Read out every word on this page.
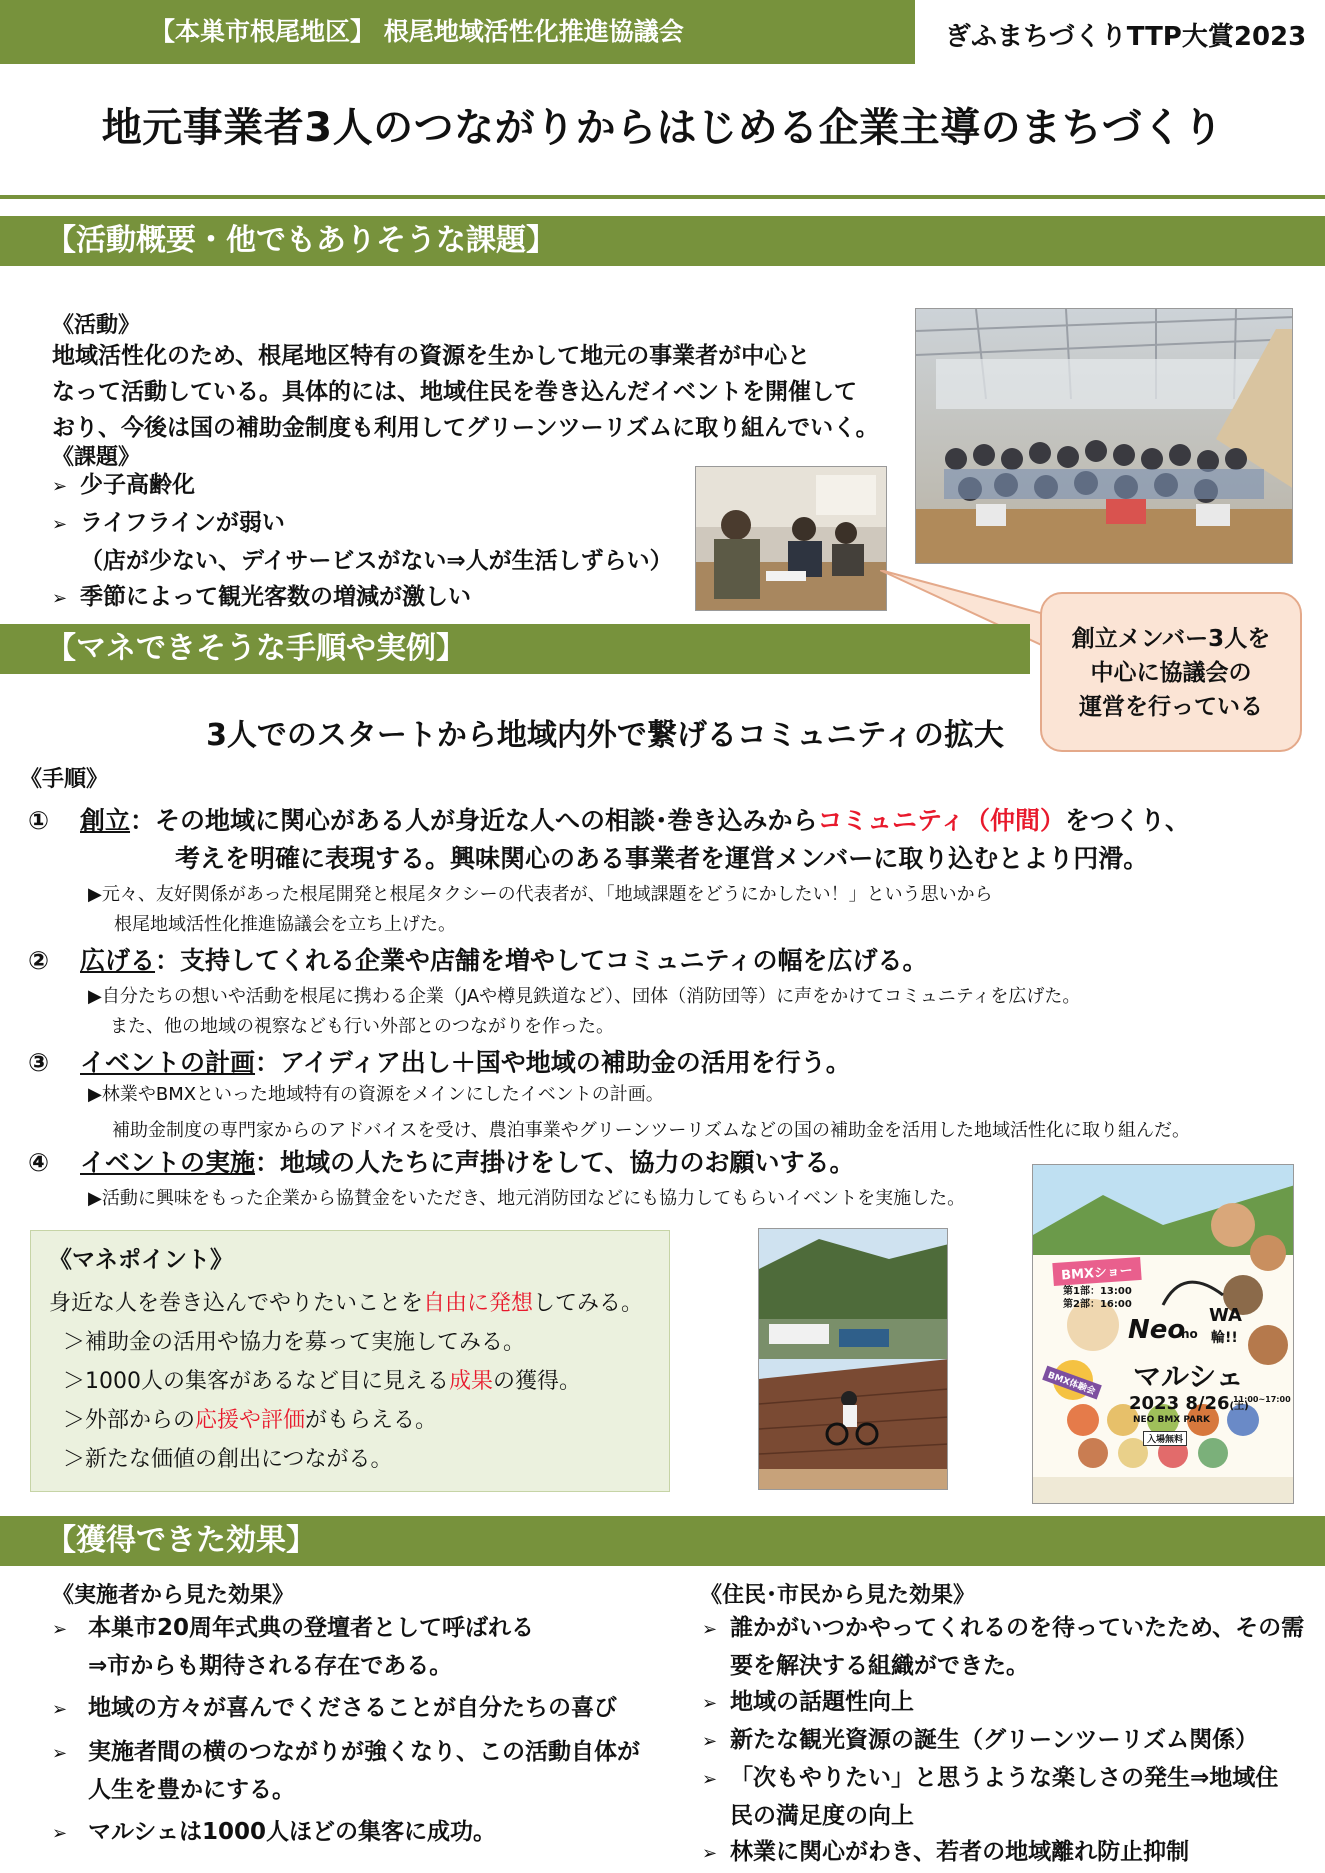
【本巣市根尾地区】 根尾地域活性化推進協議会	ぎふまちづくりTTP大賞2023
地元事業者3人のつながりからはじめる企業主導のまちづくり
【活動概要・他でもありそうな課題】
《活動》
地域活性化のため、根尾地区特有の資源を生かして地元の事業者が中心と
なって活動している。具体的には、地域住民を巻き込んだイベントを開催して
おり、今後は国の補助金制度も利用してグリーンツーリズムに取り組んでいく。
《課題》
➢ 少子高齢化
➢ ライフラインが弱い
（店が少ない、デイサービスがない⇒人が生活しずらい）
➢ 季節によって観光客数の増減が激しい
創立メンバー3人を
中心に協議会の
運営を行っている
【マネできそうな手順や実例】
3人でのスタートから地域内外で繋げるコミュニティの拡大
《手順》
① 創立：その地域に関心がある人が身近な人への相談･巻き込みからコミュニティ（仲間）をつくり、
考えを明確に表現する。興味関心のある事業者を運営メンバーに取り込むとより円滑。
▶元々、友好関係があった根尾開発と根尾タクシーの代表者が、「地域課題をどうにかしたい！」という思いから
根尾地域活性化推進協議会を立ち上げた。
② 広げる：支持してくれる企業や店舗を増やしてコミュニティの幅を広げる。
▶自分たちの想いや活動を根尾に携わる企業（JAや樽見鉄道など）、団体（消防団等）に声をかけてコミュニティを広げた。
また、他の地域の視察なども行い外部とのつながりを作った。
③ イベントの計画：アイディア出し＋国や地域の補助金の活用を行う。
▶林業やBMXといった地域特有の資源をメインにしたイベントの計画。
補助金制度の専門家からのアドバイスを受け、農泊事業やグリーンツーリズムなどの国の補助金を活用した地域活性化に取り組んだ。
④ イベントの実施：地域の人たちに声掛けをして、協力のお願いする。
▶活動に興味をもった企業から協賛金をいただき、地元消防団などにも協力してもらいイベントを実施した。
《マネポイント》
身近な人を巻き込んでやりたいことを自由に発想してみる。
＞補助金の活用や協力を募って実施してみる。
＞1000人の集客があるなど目に見える成果の獲得。
＞外部からの応援や評価がもらえる。
＞新たな価値の創出につながる。
BMXショー
第1部：13:00
第2部：16:00
Neo
no
WA
輪!!
マルシェ
BMX体験会
2023 8/26(土)
11:00~17:00
NEO BMX PARK
入場無料
【獲得できた効果】
《実施者から見た効果》
➢ 本巣市20周年式典の登壇者として呼ばれる
⇒市からも期待される存在である。
➢ 地域の方々が喜んでくださることが自分たちの喜び
➢ 実施者間の横のつながりが強くなり、この活動自体が
人生を豊かにする。
➢ マルシェは1000人ほどの集客に成功。
《住民･市民から見た効果》
➢ 誰かがいつかやってくれるのを待っていたため、その需
要を解決する組織ができた。
➢ 地域の話題性向上
➢ 新たな観光資源の誕生（グリーンツーリズム関係）
➢ 「次もやりたい」と思うような楽しさの発生⇒地域住
民の満足度の向上
➢ 林業に関心がわき、若者の地域離れ防止抑制
